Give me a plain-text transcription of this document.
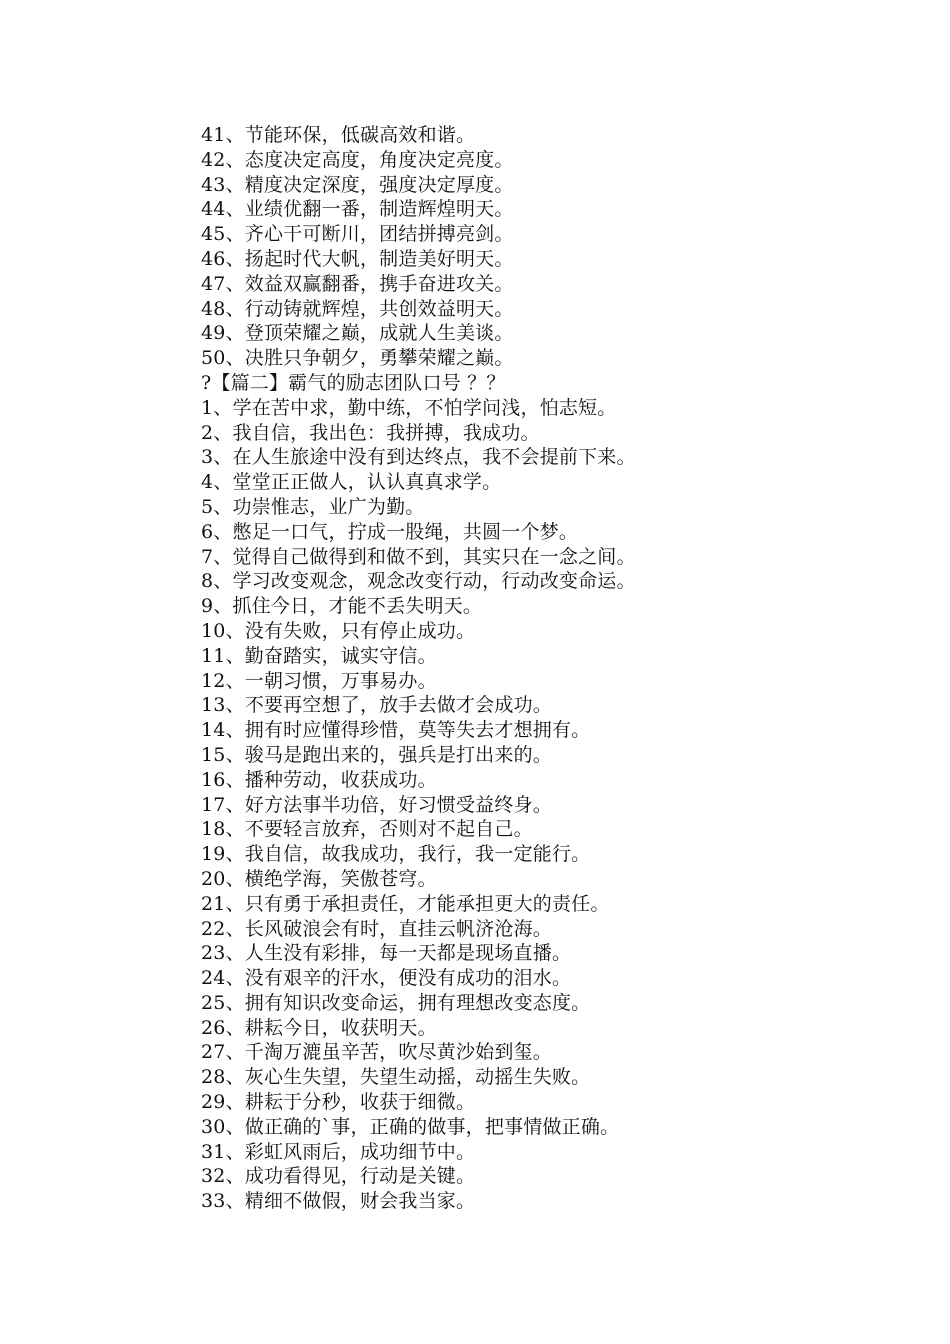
41、节能环保，低碳高效和谐。
42、态度决定高度，角度决定亮度。
43、精度决定深度，强度决定厚度。
44、业绩优翻一番，制造辉煌明天。
45、齐心干可断川，团结拼搏亮剑。
46、扬起时代大帆，制造美好明天。
47、效益双赢翻番，携手奋进攻关。
48、行动铸就辉煌，共创效益明天。
49、登顶荣耀之巅，成就人生美谈。
50、决胜只争朝夕，勇攀荣耀之巅。
?【篇二】霸气的励志团队口号 ？？
1、学在苦中求，勤中练，不怕学问浅，怕志短。
2、我自信，我出色：我拼搏，我成功。
3、在人生旅途中没有到达终点，我不会提前下来。
4、堂堂正正做人，认认真真求学。
5、功崇惟志，业广为勤。
6、憋足一口气，拧成一股绳，共圆一个梦。
7、觉得自己做得到和做不到，其实只在一念之间。
8、学习改变观念，观念改变行动，行动改变命运。
9、抓住今日，才能不丢失明天。
10、没有失败，只有停止成功。
11、勤奋踏实，诚实守信。
12、一朝习惯，万事易办。
13、不要再空想了，放手去做才会成功。
14、拥有时应懂得珍惜，莫等失去才想拥有。
15、骏马是跑出来的，强兵是打出来的。
16、播种劳动，收获成功。
17、好方法事半功倍，好习惯受益终身。
18、不要轻言放弃，否则对不起自己。
19、我自信，故我成功，我行，我一定能行。
20、横绝学海，笑傲苍穹。
21、只有勇于承担责任，才能承担更大的责任。
22、长风破浪会有时，直挂云帆济沧海。
23、人生没有彩排，每一天都是现场直播。
24、没有艰辛的汗水，便没有成功的泪水。
25、拥有知识改变命运，拥有理想改变态度。
26、耕耘今日，收获明天。
27、千淘万漉虽辛苦，吹尽黄沙始到玺。
28、灰心生失望，失望生动摇，动摇生失败。
29、耕耘于分秒，收获于细微。
30、做正确的`事，正确的做事，把事情做正确。
31、彩虹风雨后，成功细节中。
32、成功看得见，行动是关键。
33、精细不做假，财会我当家。
